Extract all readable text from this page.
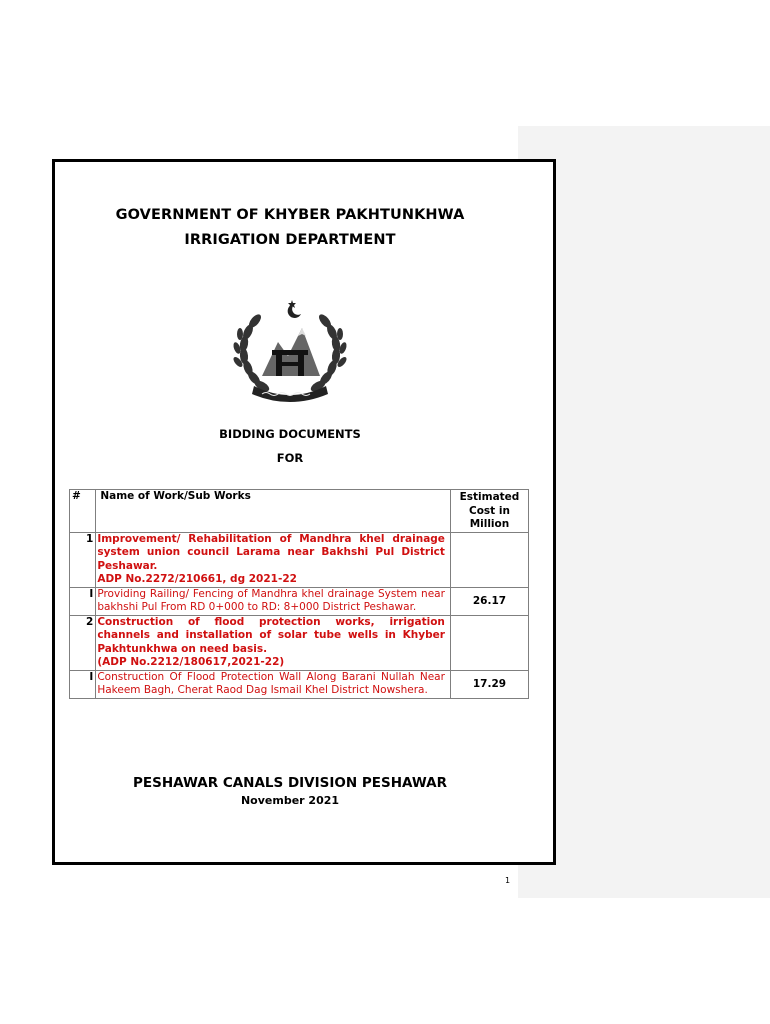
GOVERNMENT OF KHYBER PAKHTUNKHWA
IRRIGATION DEPARTMENT
BIDDING DOCUMENTS
FOR
#	Name of Work/Sub Works	Estimated Cost in Million
1	Improvement/ Rehabilitation of Mandhra khel drainage system union council Larama near Bakhshi Pul District Peshawar.
ADP No.2272/210661, dg 2021-22	
I	Providing Railing/ Fencing of Mandhra khel drainage System near bakhshi Pul From RD 0+000 to RD: 8+000 District Peshawar.	26.17
2	Construction of flood protection works, irrigation channels and installation of solar tube wells in Khyber Pakhtunkhwa on need basis.
(ADP No.2212/180617,2021-22)	
I	Construction Of Flood Protection Wall Along Barani Nullah Near Hakeem Bagh, Cherat Raod Dag Ismail Khel District Nowshera.	17.29
PESHAWAR CANALS DIVISION PESHAWAR
November 2021
1
